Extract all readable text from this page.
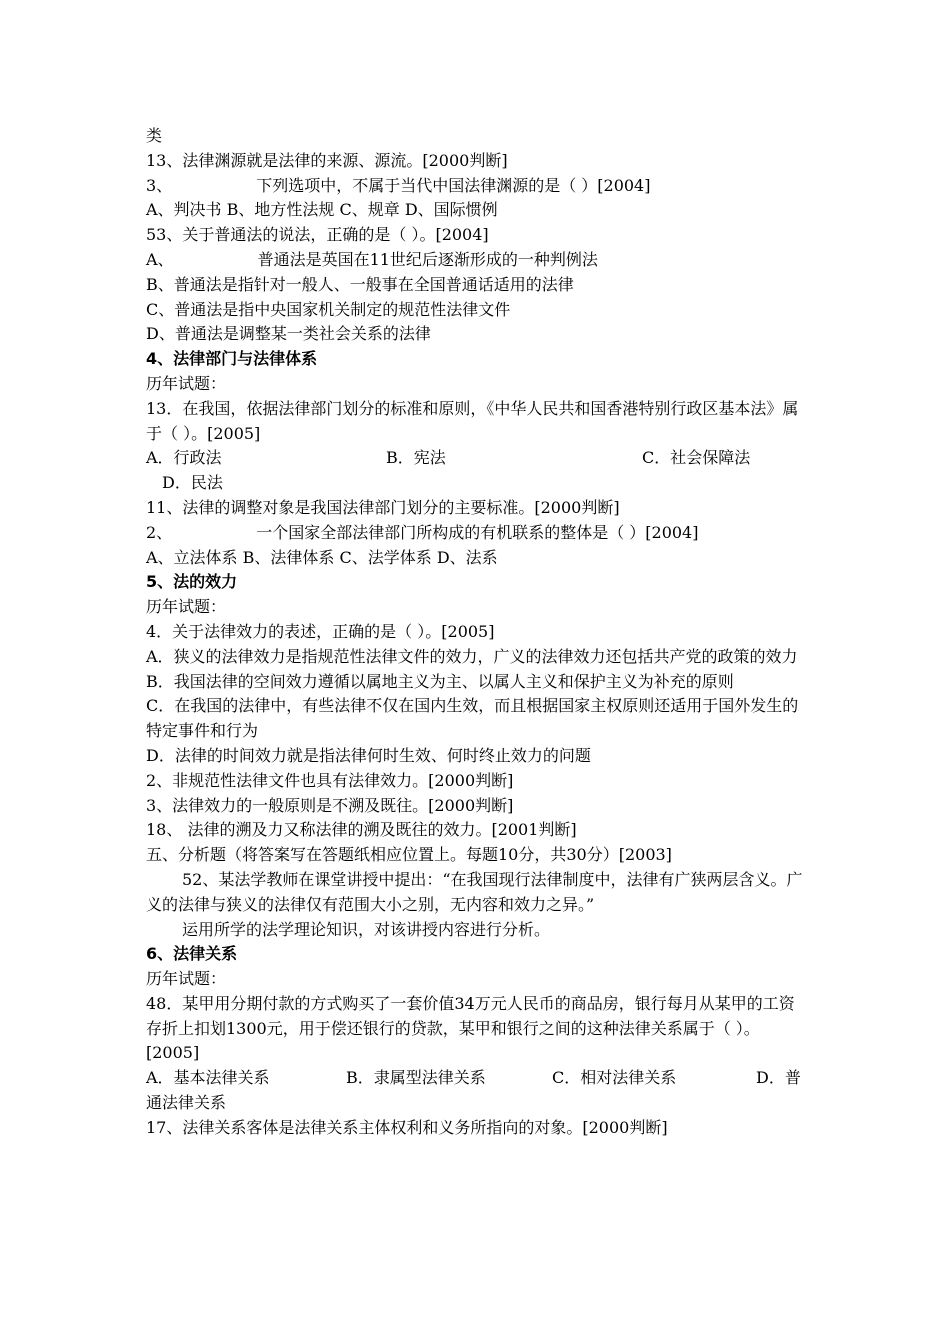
类
13、法律渊源就是法律的来源、源流。[2000判断]
3、	下列选项中，不属于当代中国法律渊源的是（ ）[2004]
A、判决书 B、地方性法规 C、规章 D、国际惯例
53、关于普通法的说法，正确的是（ ）。[2004]
A、	普通法是英国在11世纪后逐渐形成的一种判例法
B、普通法是指针对一般人、一般事在全国普通话适用的法律
C、普通法是指中央国家机关制定的规范性法律文件
D、普通法是调整某一类社会关系的法律
4、法律部门与法律体系
历年试题：
13．在我国，依据法律部门划分的标准和原则，《中华人民共和国香港特别行政区基本法》属于（ ）。[2005]
A．行政法	B．宪法	C．社会保障法
D．民法
11、法律的调整对象是我国法律部门划分的主要标准。[2000判断]
2、	一个国家全部法律部门所构成的有机联系的整体是（ ）[2004]
A、立法体系 B、法律体系 C、法学体系 D、法系
5、法的效力
历年试题：
4．关于法律效力的表述，正确的是（ ）。[2005]
A．狭义的法律效力是指规范性法律文件的效力，广义的法律效力还包括共产党的政策的效力
B．我国法律的空间效力遵循以属地主义为主、以属人主义和保护主义为补充的原则
C．在我国的法律中，有些法律不仅在国内生效，而且根据国家主权原则还适用于国外发生的特定事件和行为
D．法律的时间效力就是指法律何时生效、何时终止效力的问题
2、非规范性法律文件也具有法律效力。[2000判断]
3、法律效力的一般原则是不溯及既往。[2000判断]
18、 法律的溯及力又称法律的溯及既往的效力。[2001判断]
五、分析题（将答案写在答题纸相应位置上。每题10分，共30分）[2003]
52、某法学教师在课堂讲授中提出：“在我国现行法律制度中，法律有广狭两层含义。广义的法律与狭义的法律仅有范围大小之别，无内容和效力之异。”
运用所学的法学理论知识，对该讲授内容进行分析。
6、法律关系
历年试题：
48．某甲用分期付款的方式购买了一套价值34万元人民币的商品房，银行每月从某甲的工资存折上扣划1300元，用于偿还银行的贷款，某甲和银行之间的这种法律关系属于（ ）。[2005]
A．基本法律关系	B．隶属型法律关系	C．相对法律关系	D．普
通法律关系
17、法律关系客体是法律关系主体权利和义务所指向的对象。[2000判断]
